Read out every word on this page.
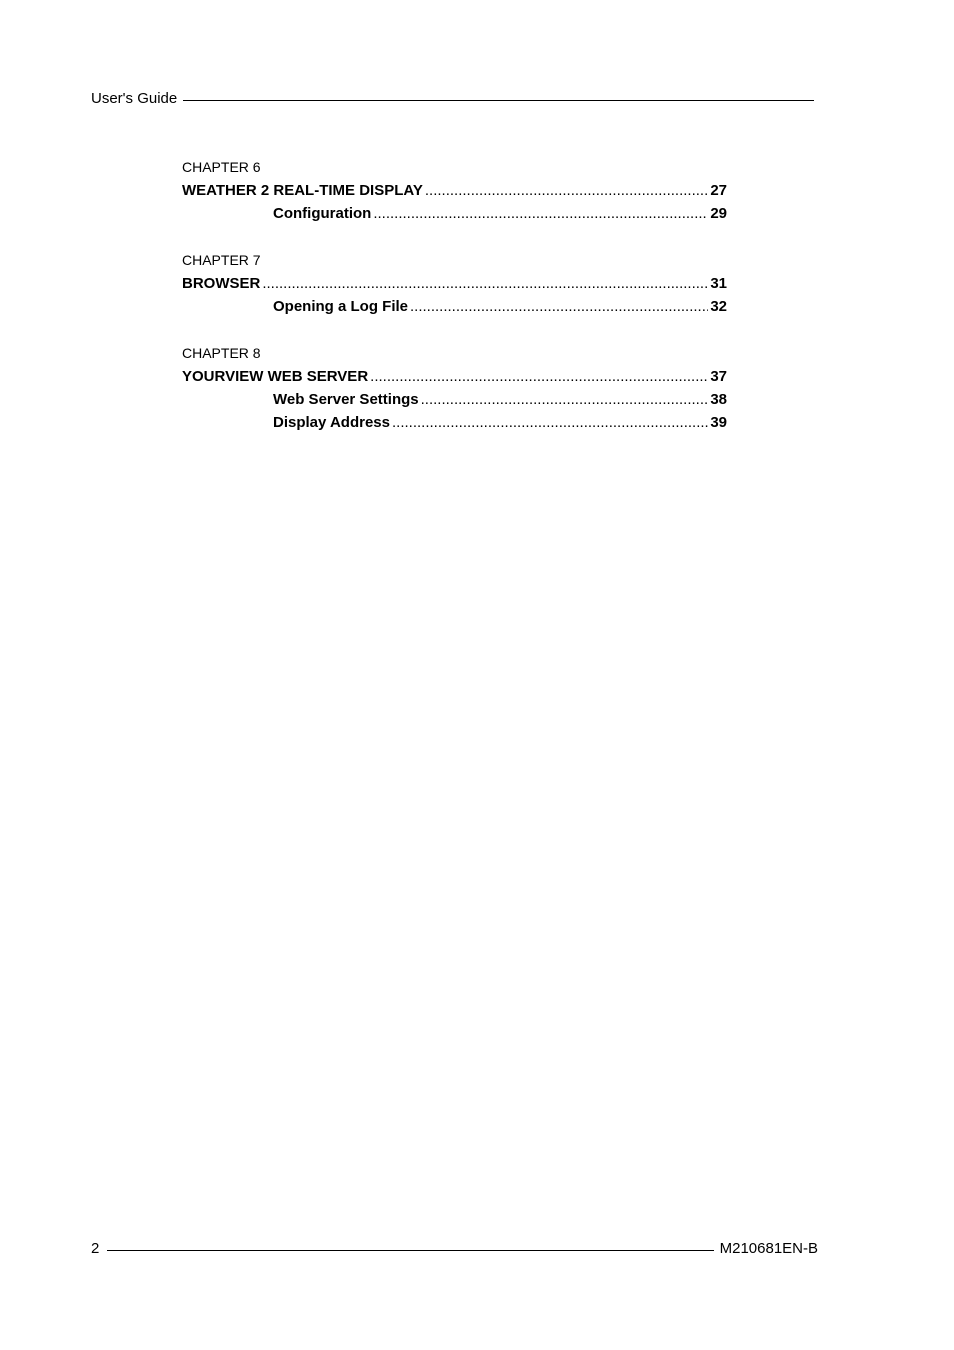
User's Guide
CHAPTER 6
WEATHER 2 REAL-TIME DISPLAY .....	27
Configuration .....	29
CHAPTER 7
BROWSER .....	31
Opening a Log File .....	32
CHAPTER 8
YOURVIEW WEB SERVER .....	37
Web Server Settings .....	38
Display Address .....	39
2	M210681EN-B
